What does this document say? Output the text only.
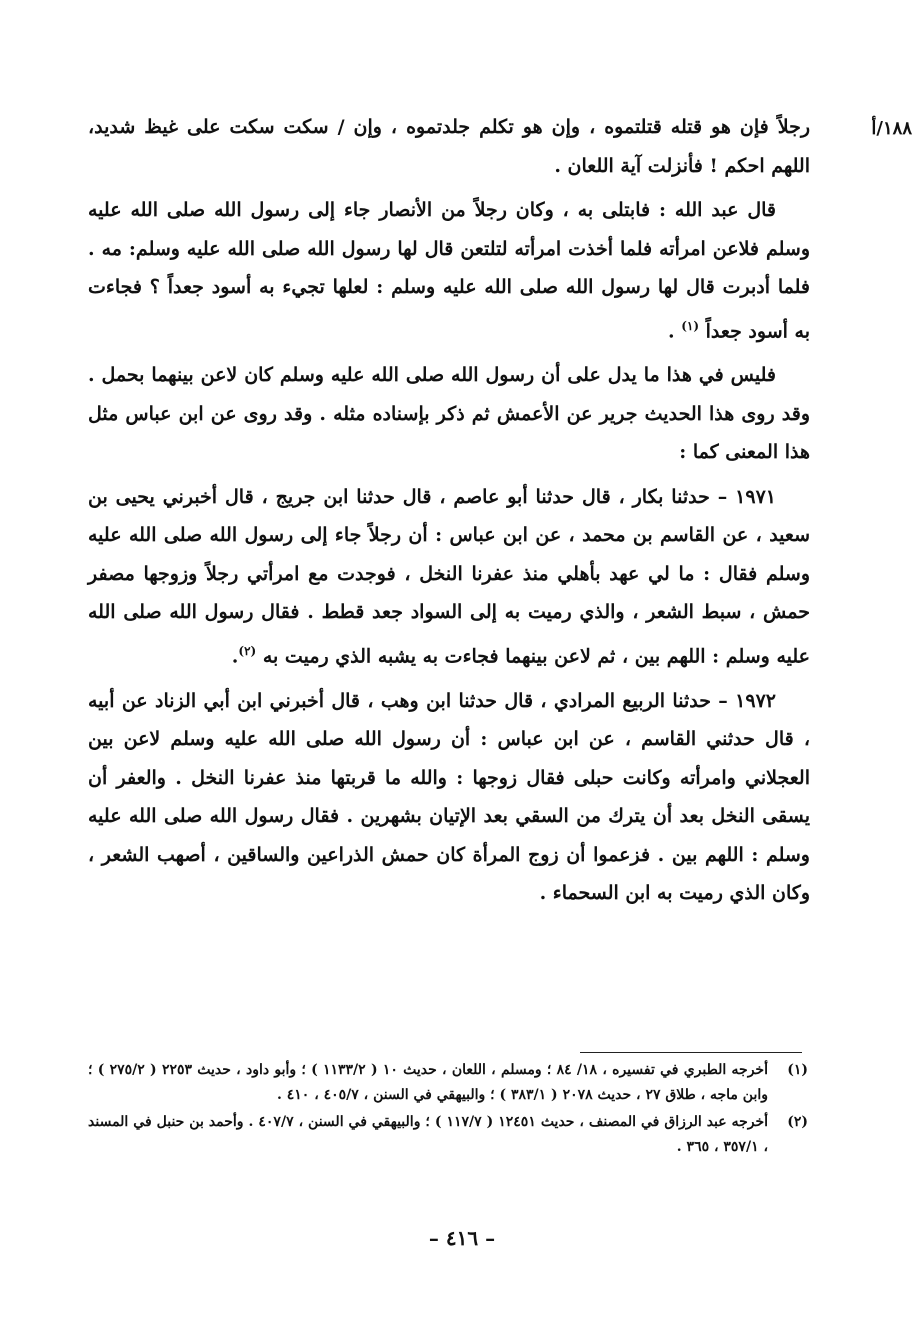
١٨٨/أ

رجلاً فإن هو قتله قتلتموه ، وإن هو تكلم جلدتموه ، وإن / سكت سكت على غيظ شديد، اللهم احكم ! فأنزلت آية اللعان .

قال عبد الله : فابتلى به ، وكان رجلاً من الأنصار جاء إلى رسول الله صلى الله عليه وسلم فلاعن امرأته فلما أخذت امرأته لتلتعن قال لها رسول الله صلى الله عليه وسلم: مه . فلما أدبرت قال لها رسول الله صلى الله عليه وسلم : لعلها تجيء به أسود جعداً ؟ فجاءت به أسود جعداً $^{(١)}$ .

فليس في هذا ما يدل على أن رسول الله صلى الله عليه وسلم كان لاعن بينهما بحمل . وقد روى هذا الحديث جرير عن الأعمش ثم ذكر بإسناده مثله . وقد روى عن ابن عباس مثل هذا المعنى كما :

١٩٧١ – حدثنا بكار ، قال حدثنا أبو عاصم ، قال حدثنا ابن جريج ، قال أخبرني يحيى بن سعيد ، عن القاسم بن محمد ، عن ابن عباس : أن رجلاً جاء إلى رسول الله صلى الله عليه وسلم فقال : ما لي عهد بأهلي منذ عفرنا النخل ، فوجدت مع امرأتي رجلاً وزوجها مصفر حمش ، سبط الشعر ، والذي رميت به إلى السواد جعد قطط . فقال رسول الله صلى الله عليه وسلم : اللهم بين ، ثم لاعن بينهما فجاءت به يشبه الذي رميت به $^{(٢)}$.

١٩٧٢ – حدثنا الربيع المرادي ، قال حدثنا ابن وهب ، قال أخبرني ابن أبي الزناد عن أبيه ، قال حدثني القاسم ، عن ابن عباس : أن رسول الله صلى الله عليه وسلم لاعن بين العجلاني وامرأته وكانت حبلى فقال زوجها : والله ما قربتها منذ عفرنا النخل . والعفر أن يسقى النخل بعد أن يترك من السقي بعد الإتيان بشهرين . فقال رسول الله صلى الله عليه وسلم : اللهم بين . فزعموا أن زوج المرأة كان حمش الذراعين والساقين ، أصهب الشعر ، وكان الذي رميت به ابن السحماء .

(١)
أخرجه الطبري في تفسيره ، ١٨/ ٨٤ ؛ ومسلم ، اللعان ، حديث ١٠ ( ١١٣٣/٢ ) ؛ وأبو داود ، حديث ٢٢٥٣ ( ٢٧٥/٢ ) ؛ وابن ماجه ، طلاق ٢٧ ، حديث ٢٠٧٨ ( ٣٨٣/١ ) ؛ والبيهقي في السنن ، ٤٠٥/٧ ، ٤١٠ .
(٢)
أخرجه عبد الرزاق في المصنف ، حديث ١٢٤٥١ ( ١١٧/٧ ) ؛ والبيهقي في السنن ، ٤٠٧/٧ . وأحمد بن حنبل في المسند ، ٣٥٧/١ ، ٣٦٥ .
– ٤١٦ –
